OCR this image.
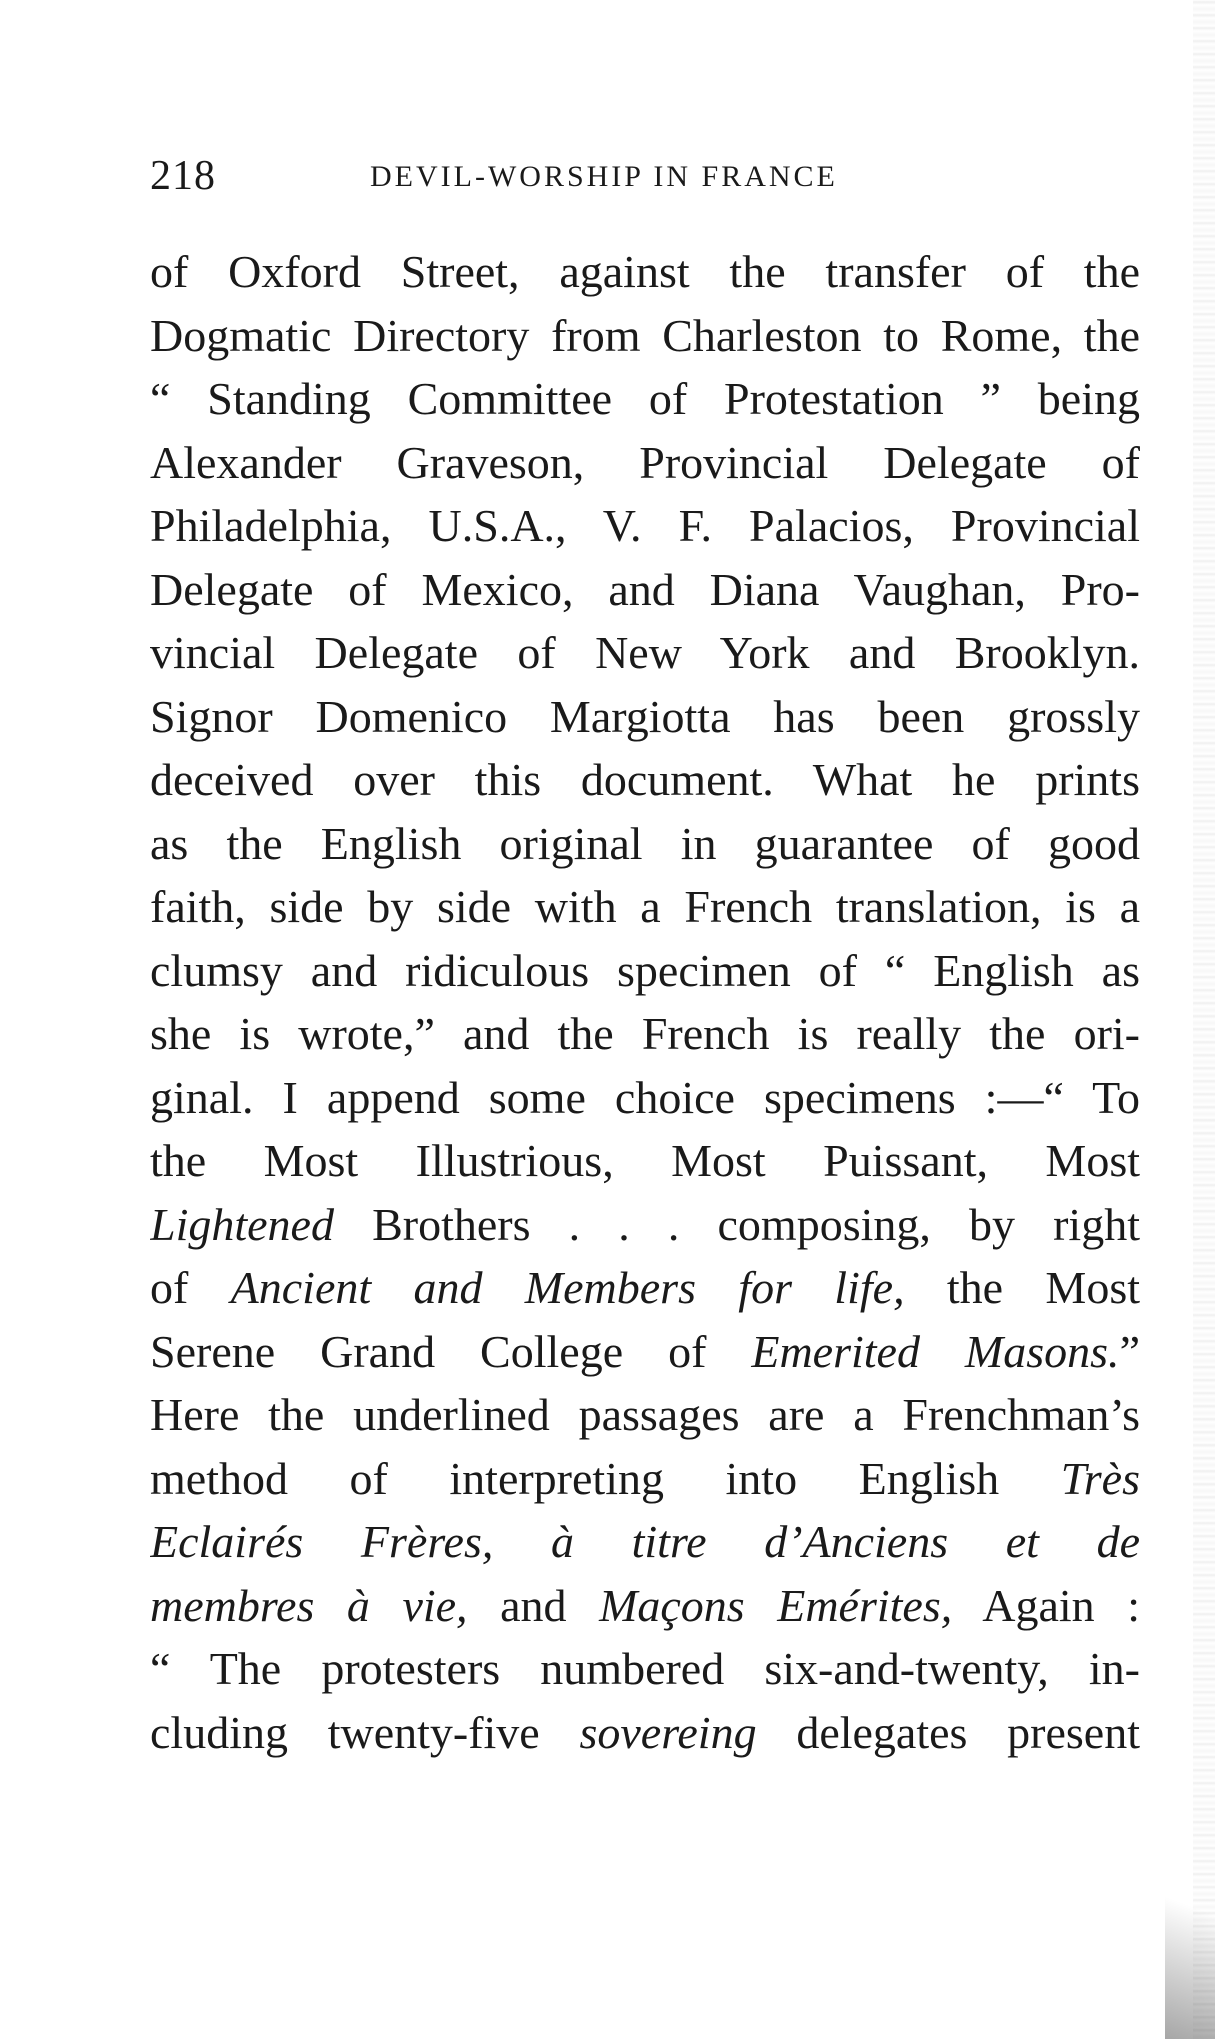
218	DEVIL-WORSHIP IN FRANCE
of Oxford Street, against the transfer of the
Dogmatic Directory from Charleston to Rome, the
“ Standing Committee of Protestation ” being
Alexander Graveson, Provincial Delegate of
Philadelphia, U.S.A., V. F. Palacios, Provincial
Delegate of Mexico, and Diana Vaughan, Pro-
vincial Delegate of New York and Brooklyn.
Signor Domenico Margiotta has been grossly
deceived over this document. What he prints
as the English original in guarantee of good
faith, side by side with a French translation, is a
clumsy and ridiculous specimen of “ English as
she is wrote,” and the French is really the ori-
ginal. I append some choice specimens :—“ To
the Most Illustrious, Most Puissant, Most
Lightened Brothers . . . composing, by right
of Ancient and Members for life, the Most
Serene Grand College of Emerited Masons.”
Here the underlined passages are a Frenchman’s
method of interpreting into English Très
Eclairés Frères, à titre d’Anciens et de
membres à vie, and Maçons Emérites, Again :
“ The protesters numbered six-and-twenty, in-
cluding twenty-five sovereing delegates present
